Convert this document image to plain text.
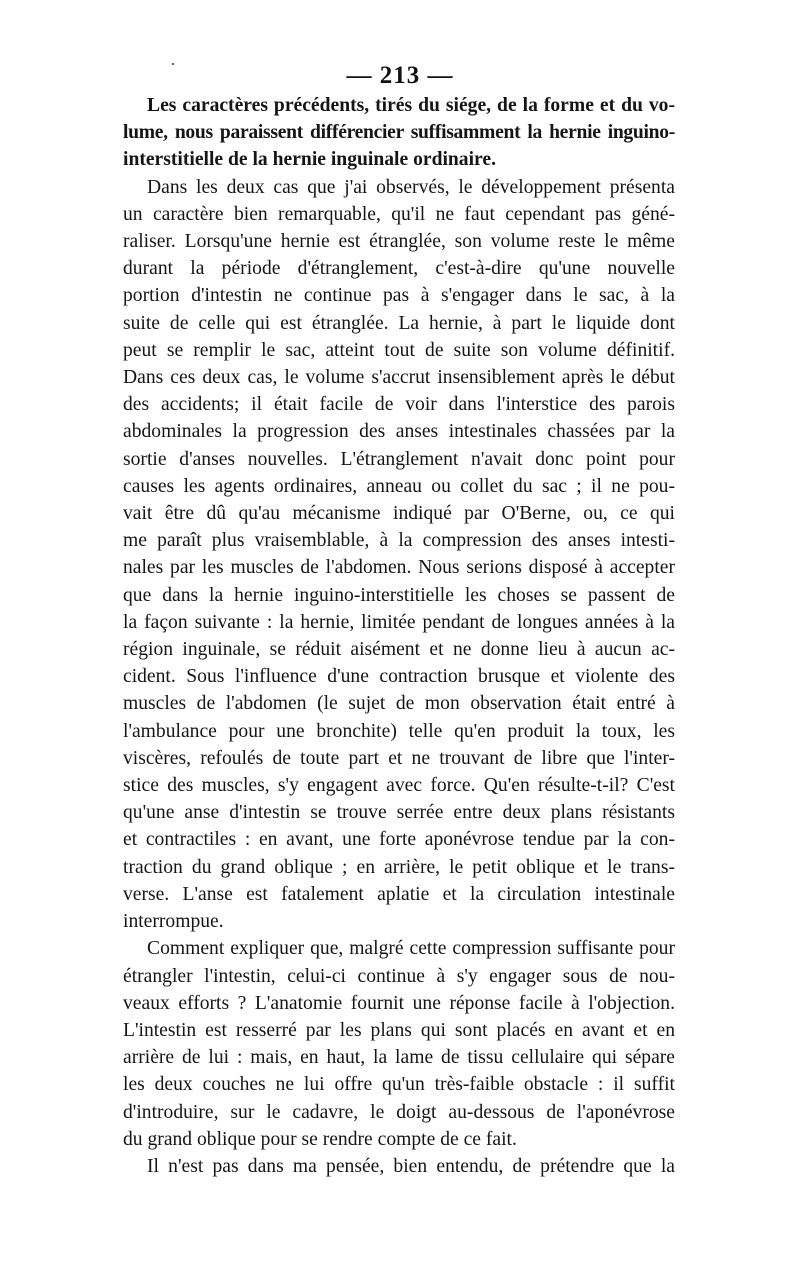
— 213 —
Les caractères précédents, tirés du siége, de la forme et du vo-
lume, nous paraissent différencier suffisamment la hernie inguino-
interstitielle de la hernie inguinale ordinaire.
Dans les deux cas que j'ai observés, le développement présenta
un caractère bien remarquable, qu'il ne faut cependant pas géné-
raliser. Lorsqu'une hernie est étranglée, son volume reste le même
durant la période d'étranglement, c'est-à-dire qu'une nouvelle
portion d'intestin ne continue pas à s'engager dans le sac, à la
suite de celle qui est étranglée. La hernie, à part le liquide dont
peut se remplir le sac, atteint tout de suite son volume définitif.
Dans ces deux cas, le volume s'accrut insensiblement après le début
des accidents; il était facile de voir dans l'interstice des parois
abdominales la progression des anses intestinales chassées par la
sortie d'anses nouvelles. L'étranglement n'avait donc point pour
causes les agents ordinaires, anneau ou collet du sac ; il ne pou-
vait être dû qu'au mécanisme indiqué par O'Berne, ou, ce qui
me paraît plus vraisemblable, à la compression des anses intesti-
nales par les muscles de l'abdomen. Nous serions disposé à accepter
que dans la hernie inguino-interstitielle les choses se passent de
la façon suivante : la hernie, limitée pendant de longues années à la
région inguinale, se réduit aisément et ne donne lieu à aucun ac-
cident. Sous l'influence d'une contraction brusque et violente des
muscles de l'abdomen (le sujet de mon observation était entré à
l'ambulance pour une bronchite) telle qu'en produit la toux, les
viscères, refoulés de toute part et ne trouvant de libre que l'inter-
stice des muscles, s'y engagent avec force. Qu'en résulte-t-il? C'est
qu'une anse d'intestin se trouve serrée entre deux plans résistants
et contractiles : en avant, une forte aponévrose tendue par la con-
traction du grand oblique ; en arrière, le petit oblique et le trans-
verse. L'anse est fatalement aplatie et la circulation intestinale
interrompue.
Comment expliquer que, malgré cette compression suffisante pour
étrangler l'intestin, celui-ci continue à s'y engager sous de nou-
veaux efforts ? L'anatomie fournit une réponse facile à l'objection.
L'intestin est resserré par les plans qui sont placés en avant et en
arrière de lui : mais, en haut, la lame de tissu cellulaire qui sépare
les deux couches ne lui offre qu'un très-faible obstacle : il suffit
d'introduire, sur le cadavre, le doigt au-dessous de l'aponévrose
du grand oblique pour se rendre compte de ce fait.
Il n'est pas dans ma pensée, bien entendu, de prétendre que la
